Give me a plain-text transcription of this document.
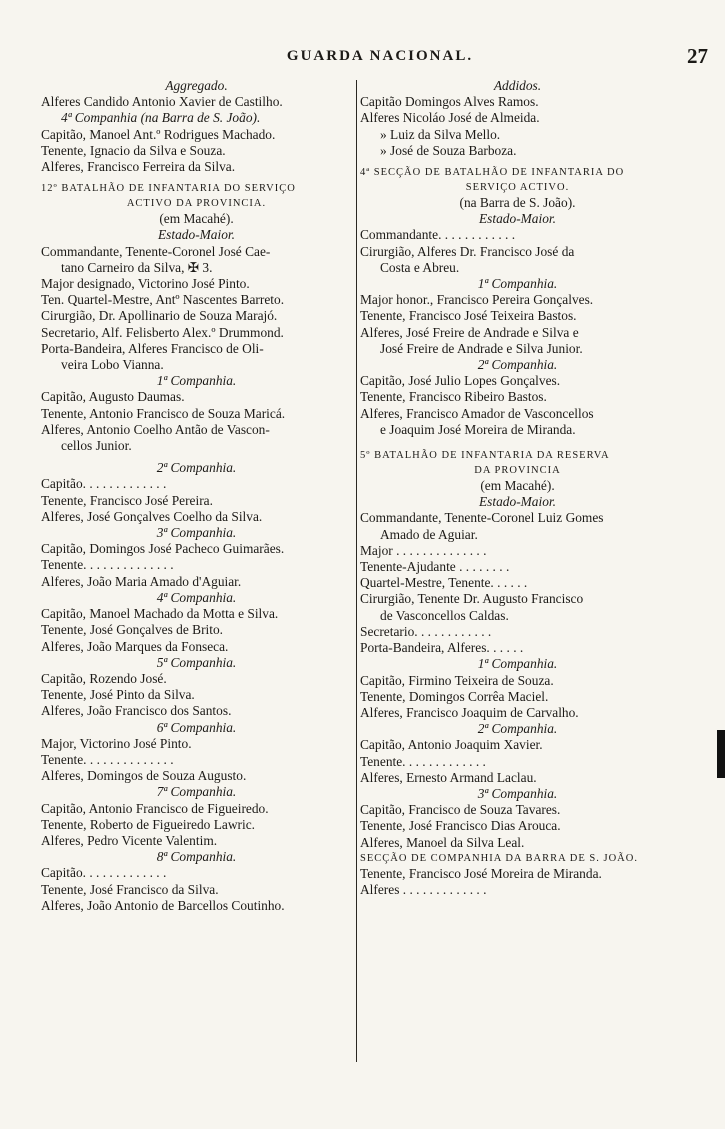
GUARDA NACIONAL.	27
Aggregado.
Alferes Candido Antonio Xavier de Castilho.
4ª Companhia (na Barra de S. João).
Capitão, Manoel Ant.º Rodrigues Machado.
Tenente, Ignacio da Silva e Souza.
Alferes, Francisco Ferreira da Silva.
12º BATALHÃO DE INFANTARIA DO SERVIÇO
ACTIVO DA PROVINCIA.
(em Macahé).
Estado-Maior.
Commandante, Tenente-Coronel José Cae-
tano Carneiro da Silva, ✠ 3.
Major designado, Victorino José Pinto.
Ten. Quartel-Mestre, Antº Nascentes Barreto.
Cirurgião, Dr. Apollinario de Souza Marajó.
Secretario, Alf. Felisberto Alex.º Drummond.
Porta-Bandeira, Alferes Francisco de Oli-
veira Lobo Vianna.
1ª Companhia.
Capitão, Augusto Daumas.
Tenente, Antonio Francisco de Souza Maricá.
Alferes, Antonio Coelho Antão de Vascon-
cellos Junior.
2ª Companhia.
Capitão. . . . . . . . . . . . .
Tenente, Francisco José Pereira.
Alferes, José Gonçalves Coelho da Silva.
3ª Companhia.
Capitão, Domingos José Pacheco Guimarães.
Tenente. . . . . . . . . . . . . .
Alferes, João Maria Amado d'Aguiar.
4ª Companhia.
Capitão, Manoel Machado da Motta e Silva.
Tenente, José Gonçalves de Brito.
Alferes, João Marques da Fonseca.
5ª Companhia.
Capitão, Rozendo José.
Tenente, José Pinto da Silva.
Alferes, João Francisco dos Santos.
6ª Companhia.
Major, Victorino José Pinto.
Tenente. . . . . . . . . . . . . .
Alferes, Domingos de Souza Augusto.
7ª Companhia.
Capitão, Antonio Francisco de Figueiredo.
Tenente, Roberto de Figueiredo Lawric.
Alferes, Pedro Vicente Valentim.
8ª Companhia.
Capitão. . . . . . . . . . . . .
Tenente, José Francisco da Silva.
Alferes, João Antonio de Barcellos Coutinho.
Addidos.
Capitão Domingos Alves Ramos.
Alferes Nicoláo José de Almeida.
» Luiz da Silva Mello.
» José de Souza Barboza.
4ª SECÇÃO DE BATALHÃO DE INFANTARIA DO
SERVIÇO ACTIVO.
(na Barra de S. João).
Estado-Maior.
Commandante. . . . . . . . . . . .
Cirurgião, Alferes Dr. Francisco José da
Costa e Abreu.
1ª Companhia.
Major honor., Francisco Pereira Gonçalves.
Tenente, Francisco José Teixeira Bastos.
Alferes, José Freire de Andrade e Silva e
José Freire de Andrade e Silva Junior.
2ª Companhia.
Capitão, José Julio Lopes Gonçalves.
Tenente, Francisco Ribeiro Bastos.
Alferes, Francisco Amador de Vasconcellos
e Joaquim José Moreira de Miranda.
5º BATALHÃO DE INFANTARIA DA RESERVA
DA PROVINCIA
(em Macahé).
Estado-Maior.
Commandante, Tenente-Coronel Luiz Gomes
Amado de Aguiar.
Major . . . . . . . . . . . . . .
Tenente-Ajudante . . . . . . . .
Quartel-Mestre, Tenente. . . . . .
Cirurgião, Tenente Dr. Augusto Francisco
de Vasconcellos Caldas.
Secretario. . . . . . . . . . . .
Porta-Bandeira, Alferes. . . . . .
1ª Companhia.
Capitão, Firmino Teixeira de Souza.
Tenente, Domingos Corrêa Maciel.
Alferes, Francisco Joaquim de Carvalho.
2ª Companhia.
Capitão, Antonio Joaquim Xavier.
Tenente. . . . . . . . . . . . .
Alferes, Ernesto Armand Laclau.
3ª Companhia.
Capitão, Francisco de Souza Tavares.
Tenente, José Francisco Dias Arouca.
Alferes, Manoel da Silva Leal.
SECÇÃO DE COMPANHIA DA BARRA DE S. JOÃO.
Tenente, Francisco José Moreira de Miranda.
Alferes . . . . . . . . . . . . .
